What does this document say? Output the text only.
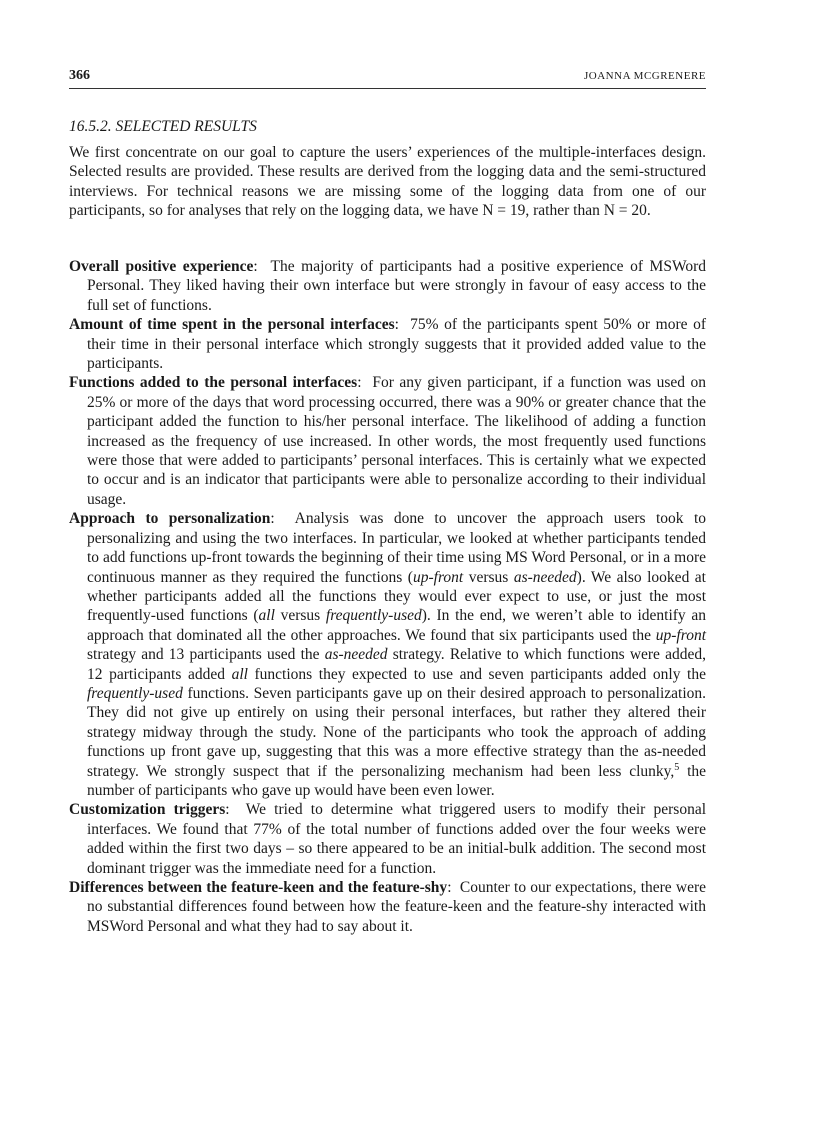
366	JOANNA MCGRENERE
16.5.2. SELECTED RESULTS

We first concentrate on our goal to capture the users’ experiences of the multiple-interfaces design. Selected results are provided. These results are derived from the logging data and the semi-structured interviews. For technical reasons we are missing some of the logging data from one of our participants, so for analyses that rely on the logging data, we have N = 19, rather than N = 20.

Overall positive experience:  The majority of participants had a positive experience of MSWord Personal. They liked having their own interface but were strongly in favour of easy access to the full set of functions.

Amount of time spent in the personal interfaces:  75% of the participants spent 50% or more of their time in their personal interface which strongly suggests that it provided added value to the participants.

Functions added to the personal interfaces:  For any given participant, if a function was used on 25% or more of the days that word processing occurred, there was a 90% or greater chance that the participant added the function to his/her personal interface. The likelihood of adding a function increased as the frequency of use increased. In other words, the most frequently used functions were those that were added to participants’ personal interfaces. This is certainly what we expected to occur and is an indicator that participants were able to personalize according to their individual usage.

Approach to personalization:  Analysis was done to uncover the approach users took to personalizing and using the two interfaces. In particular, we looked at whether participants tended to add functions up-front towards the beginning of their time using MS Word Personal, or in a more continuous manner as they required the functions (up-front versus as-needed). We also looked at whether participants added all the functions they would ever expect to use, or just the most frequently-used functions (all versus frequently-used). In the end, we weren’t able to identify an approach that dominated all the other approaches. We found that six participants used the up-front strategy and 13 participants used the as-needed strategy. Relative to which functions were added, 12 participants added all functions they expected to use and seven participants added only the frequently-used functions. Seven participants gave up on their desired approach to personalization. They did not give up entirely on using their personal interfaces, but rather they altered their strategy midway through the study. None of the participants who took the approach of adding functions up front gave up, suggesting that this was a more effective strategy than the as-needed strategy. We strongly suspect that if the personalizing mechanism had been less clunky,$^5$ the number of participants who gave up would have been even lower.

Customization triggers:  We tried to determine what triggered users to modify their personal interfaces. We found that 77% of the total number of functions added over the four weeks were added within the first two days – so there appeared to be an initial-bulk addition. The second most dominant trigger was the immediate need for a function.

Differences between the feature-keen and the feature-shy:  Counter to our expectations, there were no substantial differences found between how the feature-keen and the feature-shy interacted with MSWord Personal and what they had to say about it.
